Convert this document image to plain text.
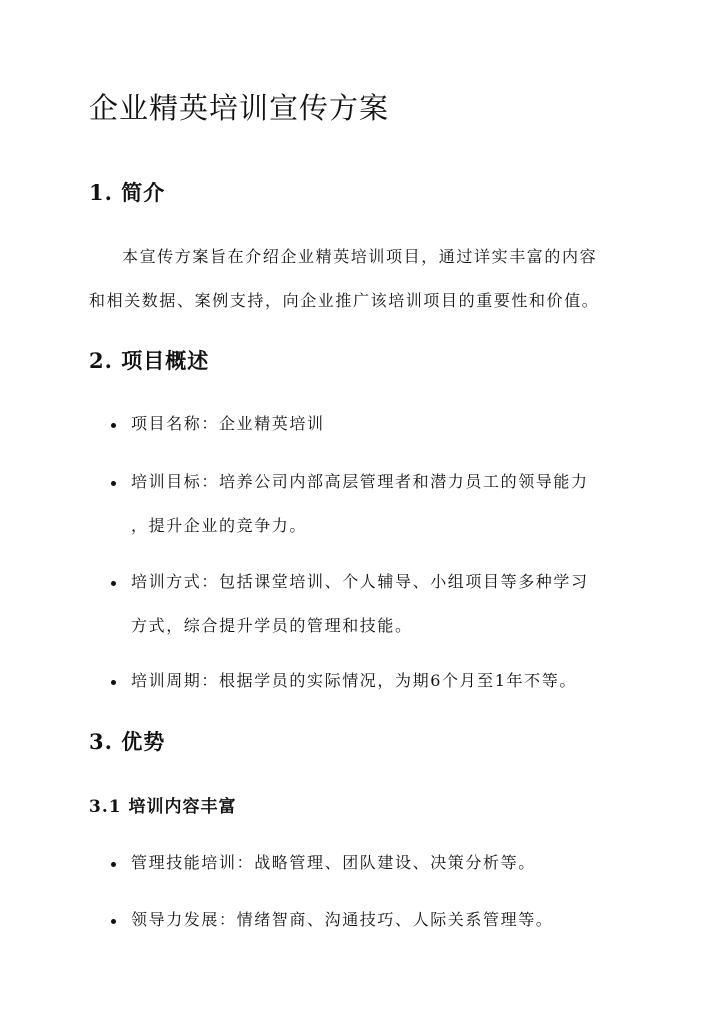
企业精英培训宣传方案
1. 简介
本宣传方案旨在介绍企业精英培训项目，通过详实丰富的内容
和相关数据、案例支持，向企业推广该培训项目的重要性和价值。
2. 项目概述
项目名称：企业精英培训
培训目标：培养公司内部高层管理者和潜力员工的领导能力
，提升企业的竞争力。
培训方式：包括课堂培训、个人辅导、小组项目等多种学习
方式，综合提升学员的管理和技能。
培训周期：根据学员的实际情况，为期6个月至1年不等。
3. 优势
3.1 培训内容丰富
管理技能培训：战略管理、团队建设、决策分析等。
领导力发展：情绪智商、沟通技巧、人际关系管理等。
